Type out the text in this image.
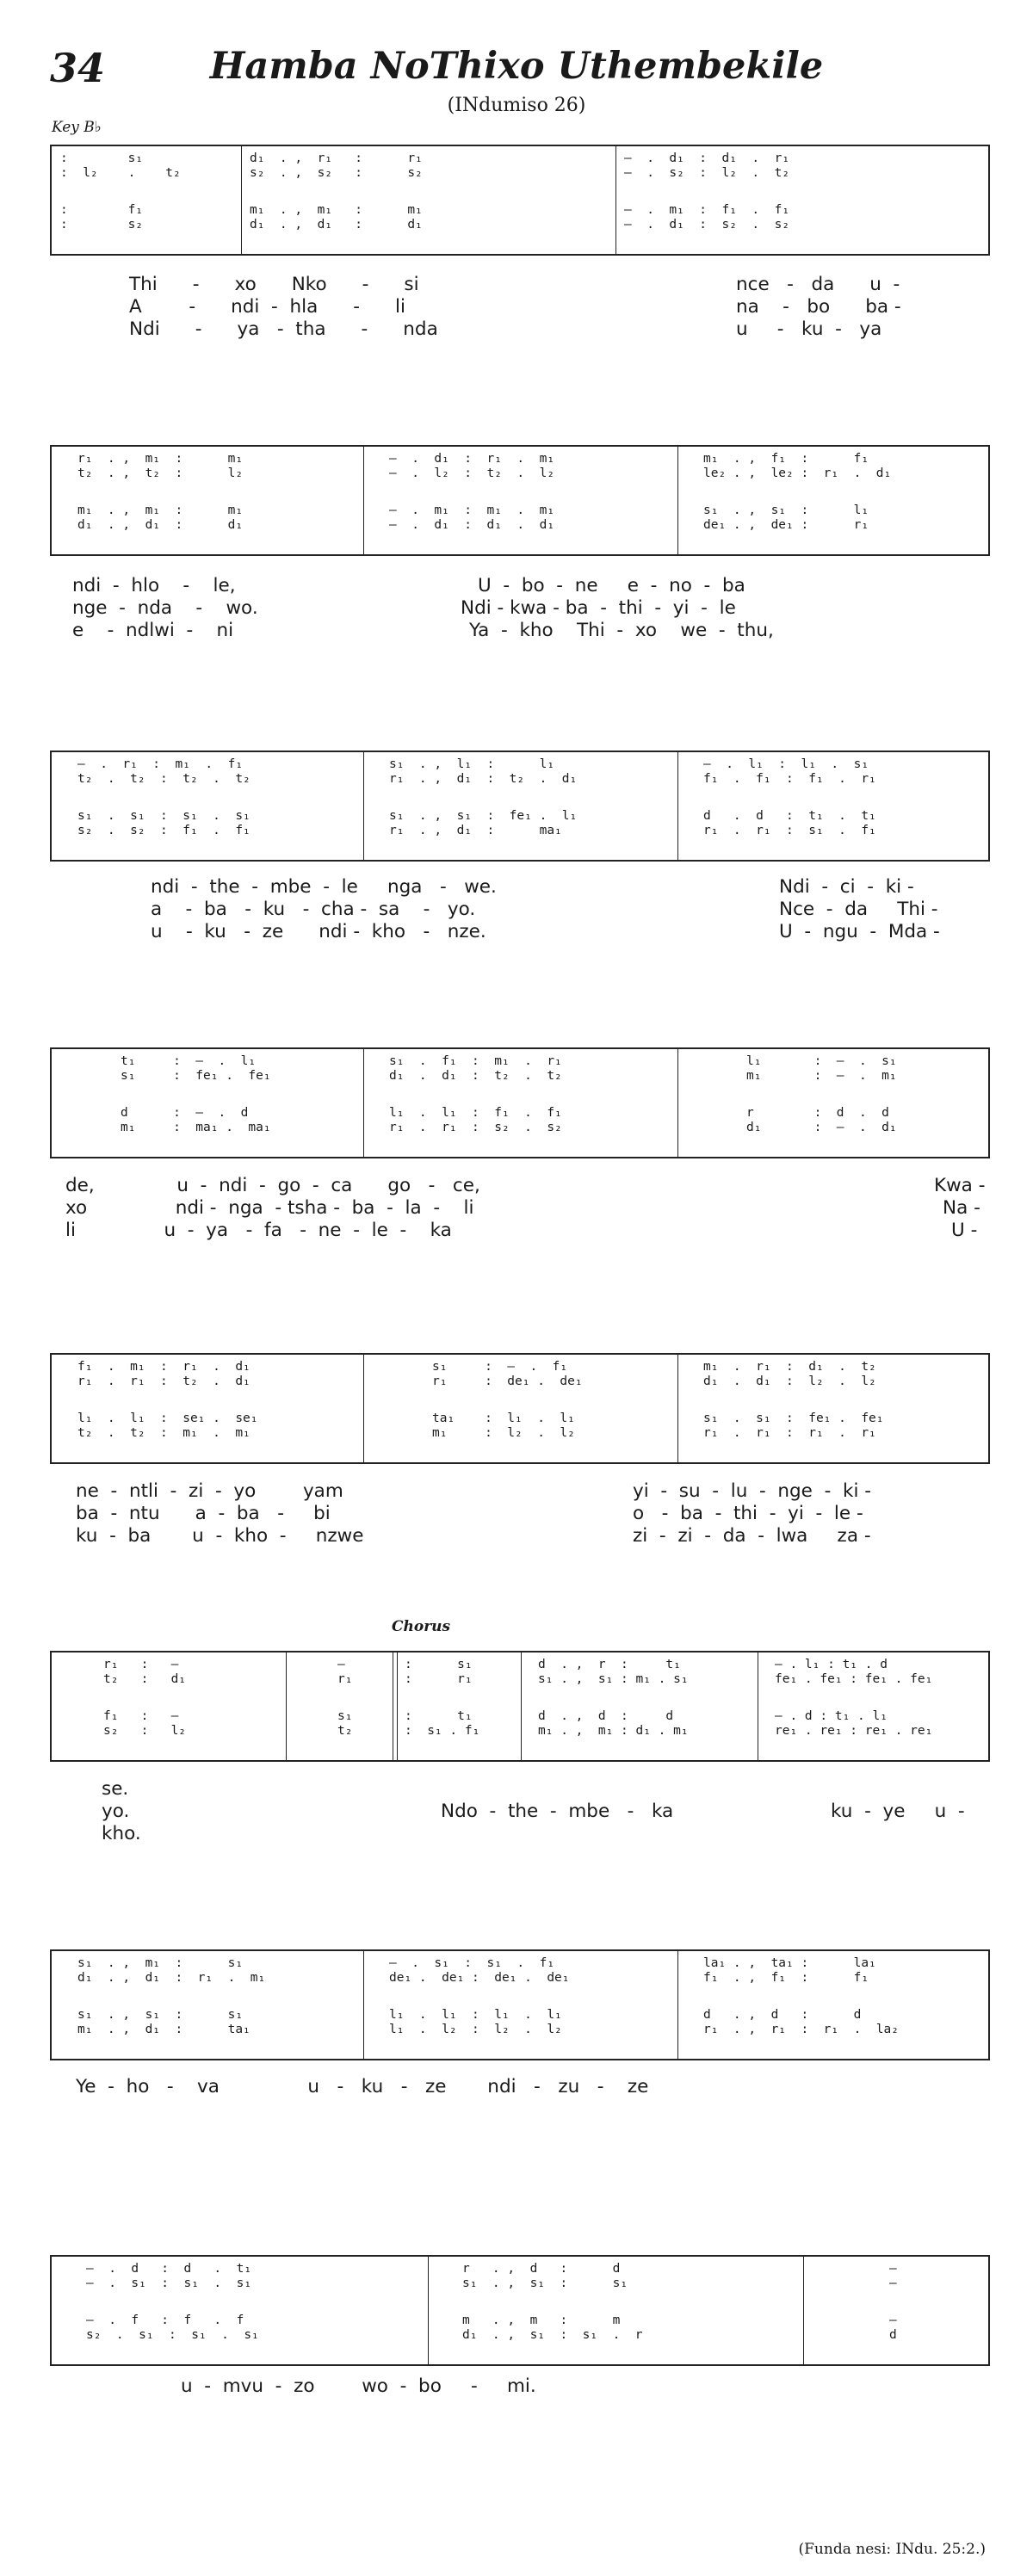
34	Hamba NoThixo Uthembekile
(INdumiso 26)
Key B♭
:        s₁
:  l₂    .    t₂
:        f₁
:        s₂
d₁  . ,  r₁   :      r₁
s₂  . ,  s₂   :      s₂
m₁  . ,  m₁   :      m₁
d₁  . ,  d₁   :      d₁
–  .  d₁  :  d₁  .  r₁
–  .  s₂  :  l₂  .  t₂
–  .  m₁  :  f₁  .  f₁
–  .  d₁  :  s₂  .  s₂
Thi      -      xo      Nko      -      si
A        -      ndi  -  hla      -      li
Ndi      -      ya   -  tha      -      nda
nce   -   da      u  -
na    -   bo      ba -
u     -   ku  -   ya
r₁  . ,  m₁  :      m₁
t₂  . ,  t₂  :      l₂
m₁  . ,  m₁  :      m₁
d₁  . ,  d₁  :      d₁
–  .  d₁  :  r₁  .  m₁
–  .  l₂  :  t₂  .  l₂
–  .  m₁  :  m₁  .  m₁
–  .  d₁  :  d₁  .  d₁
m₁  . ,  f₁  :      f₁
le₂ . ,  le₂ :  r₁  .  d₁
s₁  . ,  s₁  :      l₁
de₁ . ,  de₁ :      r₁
ndi  -  hlo    -    le,
nge  -  nda    -    wo.
e    -  ndlwi  -    ni
U  -  bo  -  ne     e  -  no  -  ba
Ndi - kwa - ba  -  thi  -  yi  -  le
Ya  -  kho    Thi  -  xo    we  -  thu,
–  .  r₁  :  m₁  .  f₁
t₂  .  t₂  :  t₂  .  t₂
s₁  .  s₁  :  s₁  .  s₁
s₂  .  s₂  :  f₁  .  f₁
s₁  . ,  l₁  :      l₁
r₁  . ,  d₁  :  t₂  .  d₁
s₁  . ,  s₁  :  fe₁ .  l₁
r₁  . ,  d₁  :      ma₁
–  .  l₁  :  l₁  .  s₁
f₁  .  f₁  :  f₁  .  r₁
d   .  d   :  t₁  .  t₁
r₁  .  r₁  :  s₁  .  f₁
ndi  -  the  -  mbe  -  le     nga   -   we.
a    -  ba   -  ku   -  cha -  sa    -   yo.
u    -  ku   -  ze      ndi -  kho   -   nze.
Ndi  -  ci  -  ki -
Nce  -  da     Thi -
U  -  ngu  -  Mda -
t₁     :  –  .  l₁
s₁     :  fe₁ .  fe₁
d      :  –  .  d
m₁     :  ma₁ .  ma₁
s₁  .  f₁  :  m₁  .  r₁
d₁  .  d₁  :  t₂  .  t₂
l₁  .  l₁  :  f₁  .  f₁
r₁  .  r₁  :  s₂  .  s₂
l₁       :  –  .  s₁
m₁       :  –  .  m₁
r        :  d  .  d
d₁       :  –  .  d₁
de,              u  -  ndi  -  go  -  ca      go   -   ce,
xo               ndi -  nga  - tsha -  ba  -  la  -    li
li               u  -  ya   -  fa   -  ne  -  le  -    ka
Kwa -
Na -
U -
f₁  .  m₁  :  r₁  .  d₁
r₁  .  r₁  :  t₂  .  d₁
l₁  .  l₁  :  se₁ .  se₁
t₂  .  t₂  :  m₁  .  m₁
s₁     :  –  .  f₁
r₁     :  de₁ .  de₁
ta₁    :  l₁  .  l₁
m₁     :  l₂  .  l₂
m₁  .  r₁  :  d₁  .  t₂
d₁  .  d₁  :  l₂  .  l₂
s₁  .  s₁  :  fe₁ .  fe₁
r₁  .  r₁  :  r₁  .  r₁
ne  -  ntli  -  zi  -  yo        yam
ba  -  ntu      a  -  ba   -     bi
ku  -  ba       u  -  kho  -     nzwe
yi  -  su  -  lu  -  nge  -  ki -
o   -  ba  -  thi  -  yi  -  le -
zi  -  zi  -  da  -  lwa     za -
Chorus
r₁   :   —
t₂   :   d₁
f₁   :   —
s₂   :   l₂
—
r₁
s₁
t₂
:      s₁
:      r₁
:      t₁
:  s₁ . f₁
d  . ,  r  :     t₁
s₁ . ,  s₁ : m₁ . s₁
d  . ,  d  :     d
m₁ . ,  m₁ : d₁ . m₁
– . l₁ : t₁ . d
fe₁ . fe₁ : fe₁ . fe₁
– . d : t₁ . l₁
re₁ . re₁ : re₁ . re₁
se.
yo.
kho.
Ndo  -  the  -  mbe   -   ka	ku  -  ye     u  -
s₁  . ,  m₁  :      s₁
d₁  . ,  d₁  :  r₁  .  m₁
s₁  . ,  s₁  :      s₁
m₁  . ,  d₁  :      ta₁
–  .  s₁  :  s₁  .  f₁
de₁ .  de₁ :  de₁ .  de₁
l₁  .  l₁  :  l₁  .  l₁
l₁  .  l₂  :  l₂  .  l₂
la₁ . ,  ta₁ :      la₁
f₁  . ,  f₁  :      f₁
d   . ,  d   :      d
r₁  . ,  r₁  :  r₁  .  la₂
Ye  -  ho   -    va               u   -   ku   -   ze       ndi   -   zu   -    ze
–  .  d   :  d   .  t₁
–  .  s₁  :  s₁  .  s₁
–  .  f   :  f   .  f
s₂  .  s₁  :  s₁  .  s₁
r   . ,  d   :      d
s₁  . ,  s₁  :      s₁
m   . ,  m   :      m
d₁  . ,  s₁  :  s₁  .  r
—
—
—
d
u  -  mvu  -  zo        wo  -  bo     -     mi.
(Funda nesi: INdu. 25:2.)
